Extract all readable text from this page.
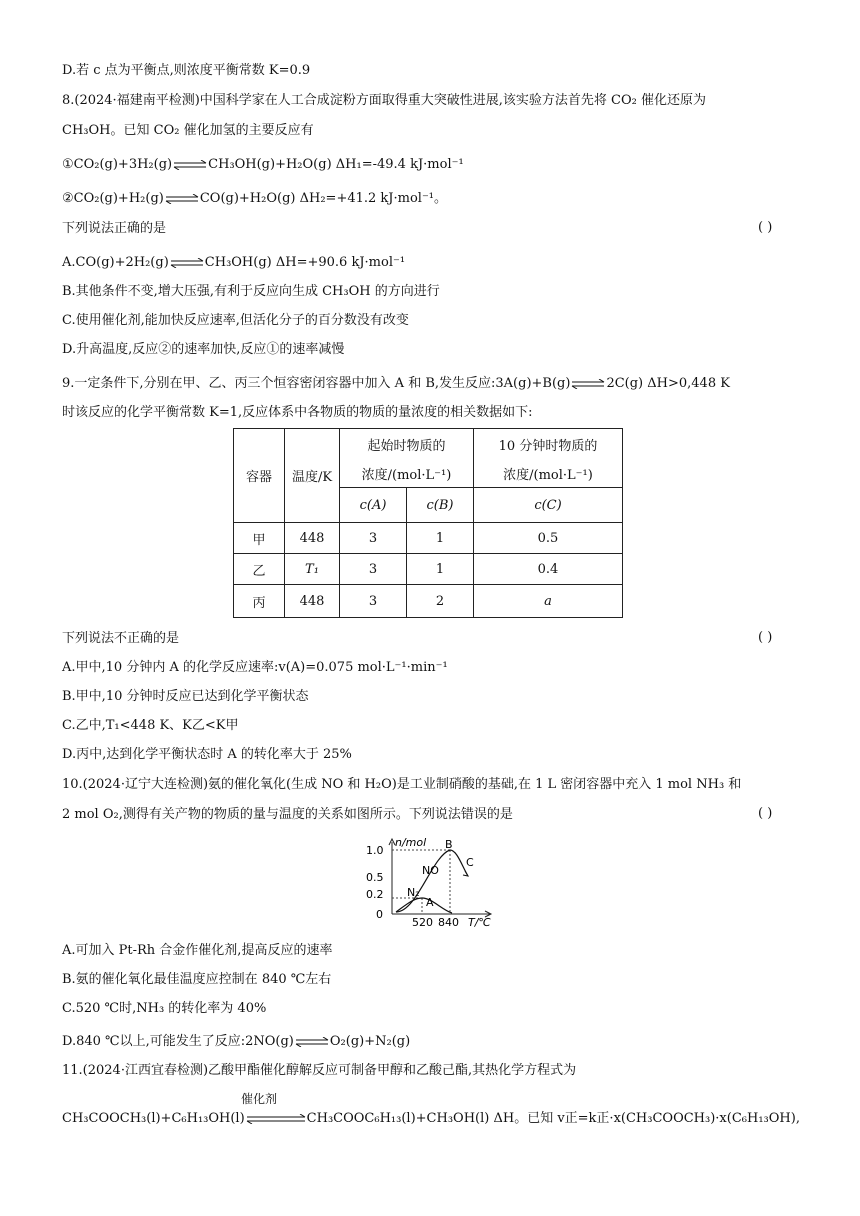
D.若 c 点为平衡点,则浓度平衡常数 K=0.9
8.(2024·福建南平检测)中国科学家在人工合成淀粉方面取得重大突破性进展,该实验方法首先将 CO₂ 催化还原为
CH₃OH。已知 CO₂ 催化加氢的主要反应有
①CO₂(g)+3H₂(g)⇌CH₃OH(g)+H₂O(g) ΔH₁=-49.4 kJ·mol⁻¹
②CO₂(g)+H₂(g)⇌CO(g)+H₂O(g) ΔH₂=+41.2 kJ·mol⁻¹。
下列说法正确的是	( )
A.CO(g)+2H₂(g)⇌CH₃OH(g) ΔH=+90.6 kJ·mol⁻¹
B.其他条件不变,增大压强,有利于反应向生成 CH₃OH 的方向进行
C.使用催化剂,能加快反应速率,但活化分子的百分数没有改变
D.升高温度,反应②的速率加快,反应①的速率减慢
9.一定条件下,分别在甲、乙、丙三个恒容密闭容器中加入 A 和 B,发生反应:3A(g)+B(g)⇌2C(g) ΔH>0,448 K
时该反应的化学平衡常数 K=1,反应体系中各物质的物质的量浓度的相关数据如下:
容器	温度/K	起始时物质的		10 分钟时物质的
		浓度/(mol·L⁻¹)		浓度/(mol·L⁻¹)
		c(A)	c(B)	c(C)
甲	448	3	1	0.5
乙	T₁	3	1	0.4
丙	448	3	2	a
下列说法不正确的是	( )
A.甲中,10 分钟内 A 的化学反应速率:v(A)=0.075 mol·L⁻¹·min⁻¹
B.甲中,10 分钟时反应已达到化学平衡状态
C.乙中,T₁<448 K、K乙<K甲
D.丙中,达到化学平衡状态时 A 的转化率大于 25%
10.(2024·辽宁大连检测)氨的催化氧化(生成 NO 和 H₂O)是工业制硝酸的基础,在 1 L 密闭容器中充入 1 mol NH₃ 和
2 mol O₂,测得有关产物的物质的量与温度的关系如图所示。下列说法错误的是	( )
n/mol
T/℃
1.0
0.5
0.2
0
520 840
NO
N₂
A
B
C
A.可加入 Pt-Rh 合金作催化剂,提高反应的速率
B.氨的催化氧化最佳温度应控制在 840 ℃左右
C.520 ℃时,NH₃ 的转化率为 40%
D.840 ℃以上,可能发生了反应:2NO(g)⇌O₂(g)+N₂(g)
11.(2024·江西宜春检测)乙酸甲酯催化醇解反应可制备甲醇和乙酸己酯,其热化学方程式为
催化剂
CH₃COOCH₃(l)+C₆H₁₃OH(l)	CH₃COOC₆H₁₃(l)+CH₃OH(l) ΔH。已知 v正=k正·x(CH₃COOCH₃)·x(C₆H₁₃OH),
